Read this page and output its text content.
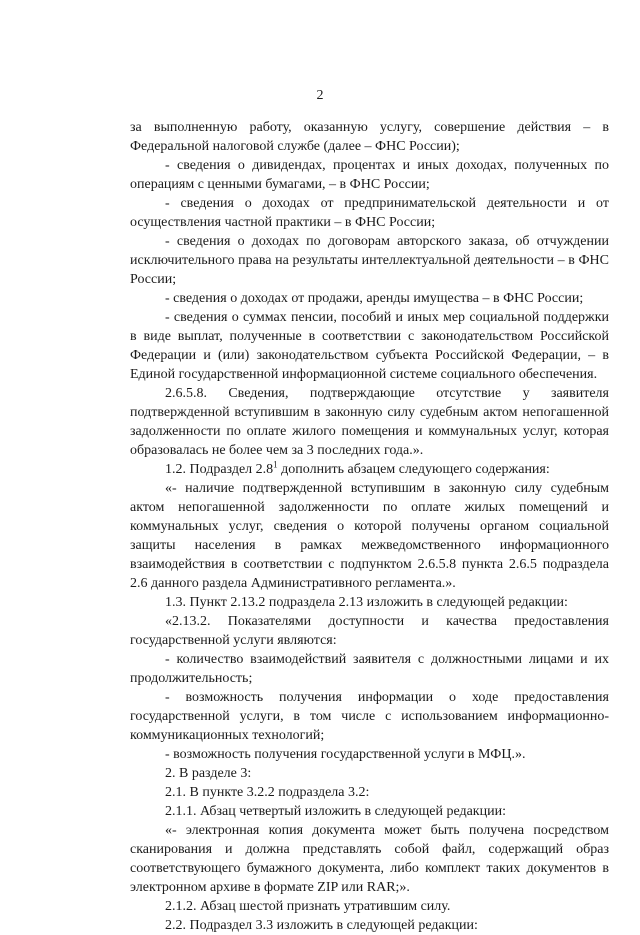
2

за выполненную работу, оказанную услугу, совершение действия – в Федеральной налоговой службе (далее – ФНС России);

- сведения о дивидендах, процентах и иных доходах, полученных по операциям с ценными бумагами, – в ФНС России;

- сведения о доходах от предпринимательской деятельности и от осуществления частной практики – в ФНС России;

- сведения о доходах по договорам авторского заказа, об отчуждении исключительного права на результаты интеллектуальной деятельности – в ФНС России;

- сведения о доходах от продажи, аренды имущества – в ФНС России;

- сведения о суммах пенсии, пособий и иных мер социальной поддержки в виде выплат, полученные в соответствии с законодательством Российской Федерации и (или) законодательством субъекта Российской Федерации, – в Единой государственной информационной системе социального обеспечения.

2.6.5.8. Сведения, подтверждающие отсутствие у заявителя подтвержденной вступившим в законную силу судебным актом непогашенной задолженности по оплате жилого помещения и коммунальных услуг, которая образовалась не более чем за 3 последних года.».

1.2. Подраздел $2.8^1$ дополнить абзацем следующего содержания:

«- наличие подтвержденной вступившим в законную силу судебным актом непогашенной задолженности по оплате жилых помещений и коммунальных услуг, сведения о которой получены органом социальной защиты населения в рамках межведомственного информационного взаимодействия в соответствии с подпунктом 2.6.5.8 пункта 2.6.5 подраздела 2.6 данного раздела Административного регламента.».

1.3. Пункт 2.13.2 подраздела 2.13 изложить в следующей редакции:

«2.13.2. Показателями доступности и качества предоставления государственной услуги являются:

- количество взаимодействий заявителя с должностными лицами и их продолжительность;

- возможность получения информации о ходе предоставления государственной услуги, в том числе с использованием информационно-коммуникационных технологий;

- возможность получения государственной услуги в МФЦ.».

2. В разделе 3:

2.1. В пункте 3.2.2 подраздела 3.2:

2.1.1. Абзац четвертый изложить в следующей редакции:

«- электронная копия документа может быть получена посредством сканирования и должна представлять собой файл, содержащий образ соответствующего бумажного документа, либо комплект таких документов в электронном архиве в формате ZIP или RAR;».

2.1.2. Абзац шестой признать утратившим силу.

2.2. Подраздел 3.3 изложить в следующей редакции:
